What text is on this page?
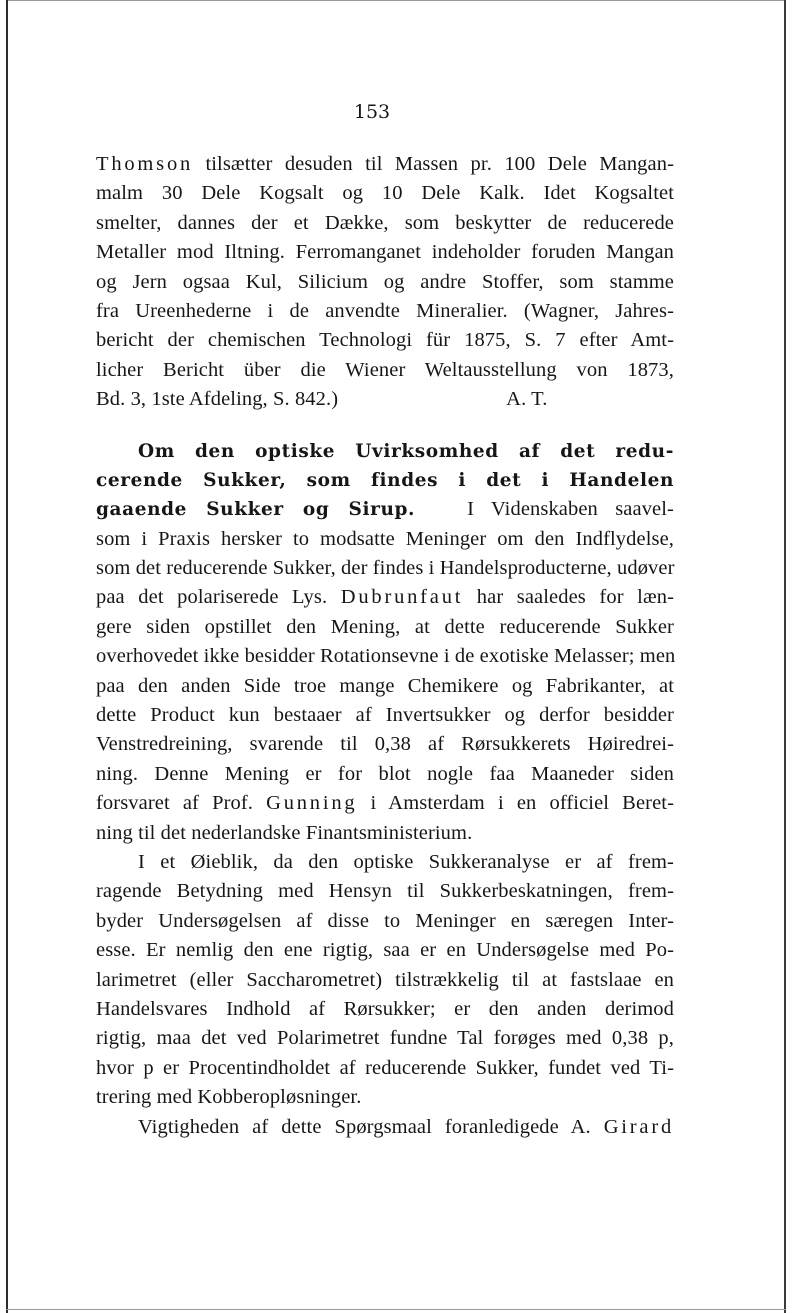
153
Thomson tilsætter desuden til Massen pr. 100 Dele Mangan-
malm 30 Dele Kogsalt og 10 Dele Kalk. Idet Kogsaltet
smelter, dannes der et Dække, som beskytter de reducerede
Metaller mod Iltning. Ferromanganet indeholder foruden Mangan
og Jern ogsaa Kul, Silicium og andre Stoffer, som stamme
fra Ureenhederne i de anvendte Mineralier. (Wagner, Jahres-
bericht der chemischen Technologi für 1875, S. 7 efter Amt-
licher Bericht über die Wiener Weltausstellung von 1873,
Bd. 3, 1ste Afdeling, S. 842.)	A. T.
Om den optiske Uvirksomhed af det redu-
cerende Sukker, som findes i det i Handelen
gaaende Sukker og Sirup.	I Videnskaben saavel-
som i Praxis hersker to modsatte Meninger om den Indflydelse,
som det reducerende Sukker, der findes i Handelsproducterne, udøver
paa det polariserede Lys. Dubrunfaut har saaledes for læn-
gere siden opstillet den Mening, at dette reducerende Sukker
overhovedet ikke besidder Rotationsevne i de exotiske Melasser; men
paa den anden Side troe mange Chemikere og Fabrikanter, at
dette Product kun bestaaer af Invertsukker og derfor besidder
Venstredreining, svarende til 0,38 af Rørsukkerets Høiredrei-
ning. Denne Mening er for blot nogle faa Maaneder siden
forsvaret af Prof. Gunning i Amsterdam i en officiel Beret-
ning til det nederlandske Finantsministerium.
I et Øieblik, da den optiske Sukkeranalyse er af frem-
ragende Betydning med Hensyn til Sukkerbeskatningen, frem-
byder Undersøgelsen af disse to Meninger en særegen Inter-
esse. Er nemlig den ene rigtig, saa er en Undersøgelse med Po-
larimetret (eller Saccharometret) tilstrækkelig til at fastslaae en
Handelsvares Indhold af Rørsukker; er den anden derimod
rigtig, maa det ved Polarimetret fundne Tal forøges med 0,38 p,
hvor p er Procentindholdet af reducerende Sukker, fundet ved Ti-
trering med Kobberopløsninger.
Vigtigheden af dette Spørgsmaal foranledigede A. Girard
